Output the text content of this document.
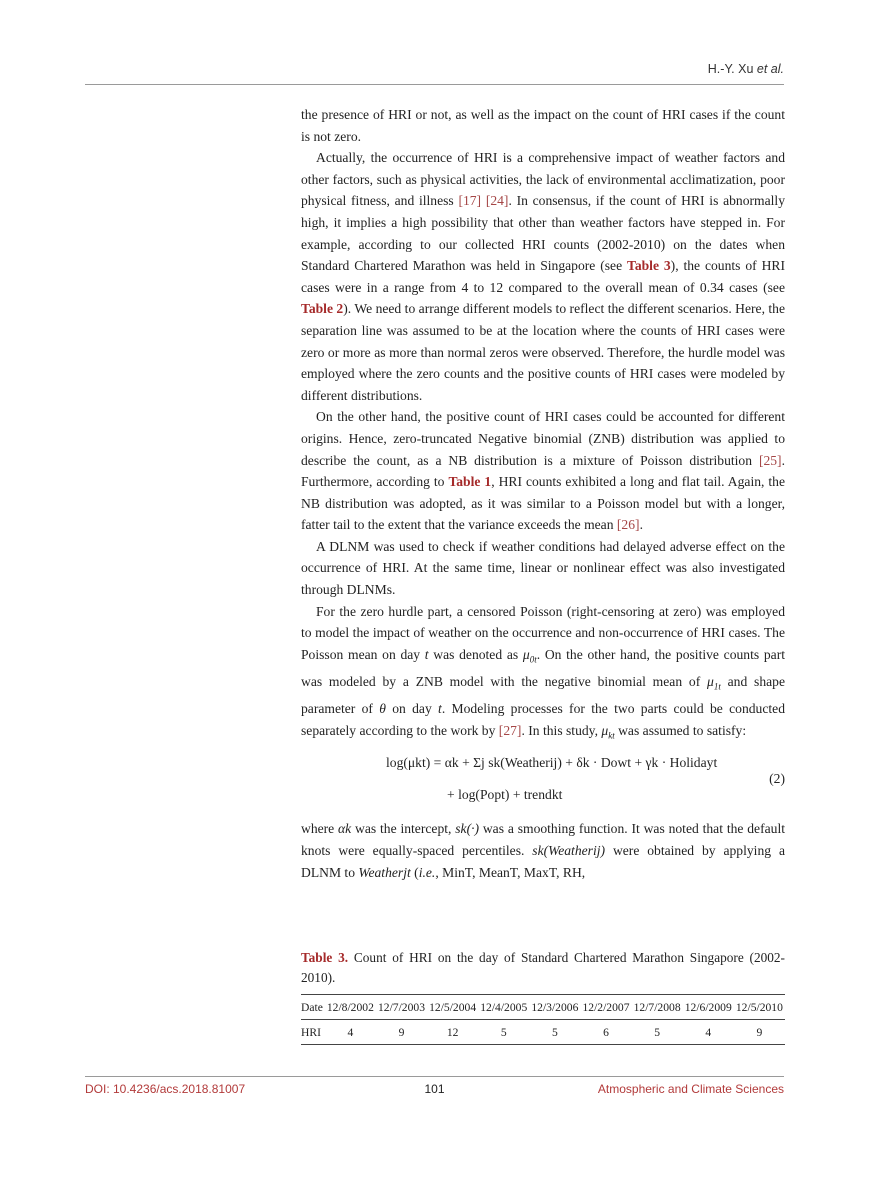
H.-Y. Xu et al.

the presence of HRI or not, as well as the impact on the count of HRI cases if the count is not zero.

Actually, the occurrence of HRI is a comprehensive impact of weather factors and other factors, such as physical activities, the lack of environmental acclimatization, poor physical fitness, and illness [17] [24]. In consensus, if the count of HRI is abnormally high, it implies a high possibility that other than weather factors have stepped in. For example, according to our collected HRI counts (2002-2010) on the dates when Standard Chartered Marathon was held in Singapore (see Table 3), the counts of HRI cases were in a range from 4 to 12 compared to the overall mean of 0.34 cases (see Table 2). We need to arrange different models to reflect the different scenarios. Here, the separation line was assumed to be at the location where the counts of HRI cases were zero or more as more than normal zeros were observed. Therefore, the hurdle model was employed where the zero counts and the positive counts of HRI cases were modeled by different distributions.

On the other hand, the positive count of HRI cases could be accounted for different origins. Hence, zero-truncated Negative binomial (ZNB) distribution was applied to describe the count, as a NB distribution is a mixture of Poisson distribution [25]. Furthermore, according to Table 1, HRI counts exhibited a long and flat tail. Again, the NB distribution was adopted, as it was similar to a Poisson model but with a longer, fatter tail to the extent that the variance exceeds the mean [26].

A DLNM was used to check if weather conditions had delayed adverse effect on the occurrence of HRI. At the same time, linear or nonlinear effect was also investigated through DLNMs.

For the zero hurdle part, a censored Poisson (right-censoring at zero) was employed to model the impact of weather on the occurrence and non-occurrence of HRI cases. The Poisson mean on day t was denoted as $\mu_{0t}$. On the other hand, the positive counts part was modeled by a ZNB model with the negative binomial mean of $\mu_{1t}$ and shape parameter of θ on day t. Modeling processes for the two parts could be conducted separately according to the work by [27]. In this study, $\mu_{kt}$ was assumed to satisfy:

log(μkt) = αk + Σj sk(Weatherij) + δk · Dowt + γk · Holidayt
+ log(Popt) + trendkt
(2)

where αk was the intercept, sk(·) was a smoothing function. It was noted that the default knots were equally-spaced percentiles. sk(Weatherij) were obtained by applying a DLNM to Weatherjt (i.e., MinT, MeanT, MaxT, RH,

Table 3. Count of HRI on the day of Standard Chartered Marathon Singapore (2002-2010).
Date	12/8/2002	12/7/2003	12/5/2004	12/4/2005	12/3/2006	12/2/2007	12/7/2008	12/6/2009	12/5/2010
HRI	4	9	12	5	5	6	5	4	9
DOI: 10.4236/acs.2018.81007	101	Atmospheric and Climate Sciences
